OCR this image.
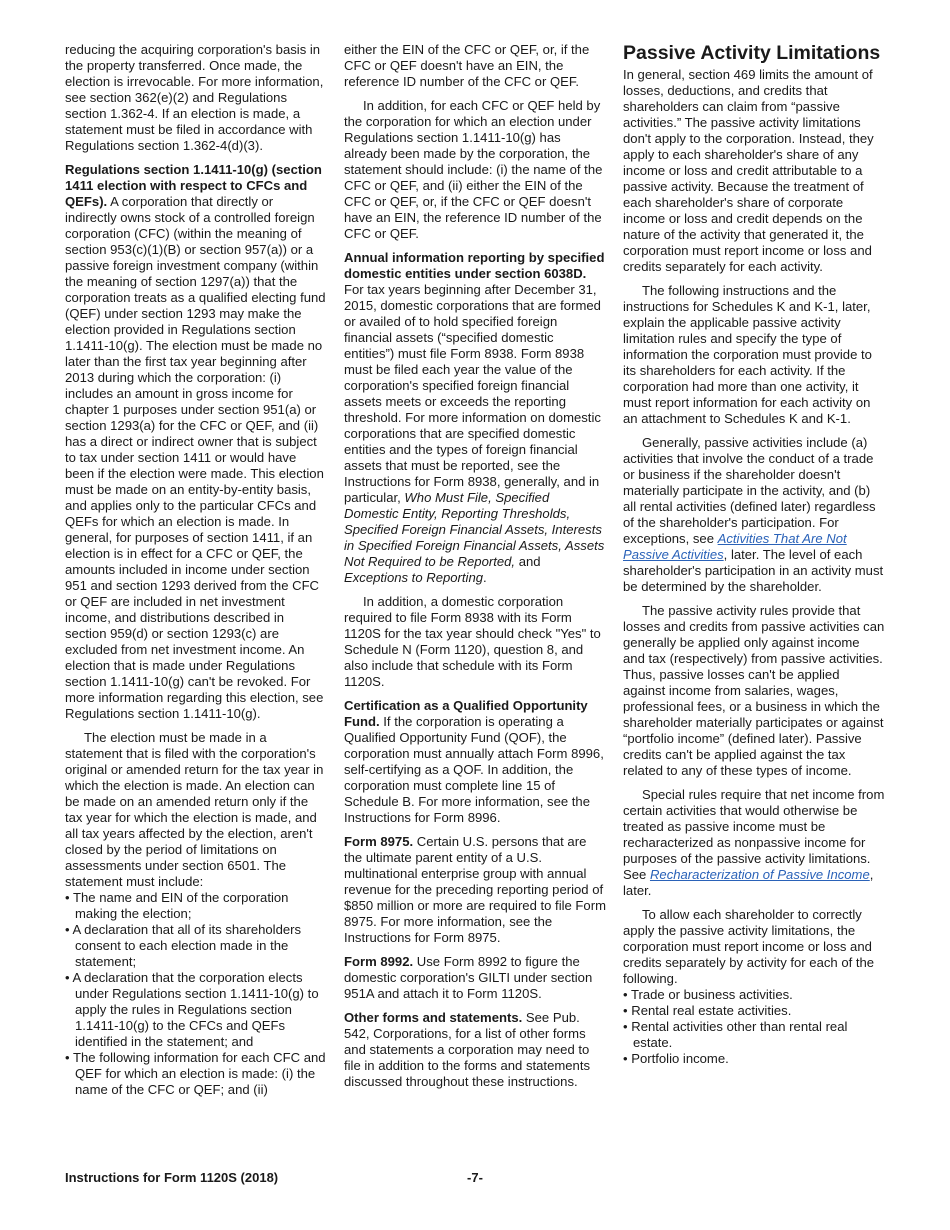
reducing the acquiring corporation's basis in the property transferred. Once made, the election is irrevocable. For more information, see section 362(e)(2) and Regulations section 1.362-4. If an election is made, a statement must be filed in accordance with Regulations section 1.362-4(d)(3).

Regulations section 1.1411-10(g) (section 1411 election with respect to CFCs and QEFs). A corporation that directly or indirectly owns stock of a controlled foreign corporation (CFC) (within the meaning of section 953(c)(1)(B) or section 957(a)) or a passive foreign investment company (within the meaning of section 1297(a)) that the corporation treats as a qualified electing fund (QEF) under section 1293 may make the election provided in Regulations section 1.1411-10(g). The election must be made no later than the first tax year beginning after 2013 during which the corporation: (i) includes an amount in gross income for chapter 1 purposes under section 951(a) or section 1293(a) for the CFC or QEF, and (ii) has a direct or indirect owner that is subject to tax under section 1411 or would have been if the election were made. This election must be made on an entity-by-entity basis, and applies only to the particular CFCs and QEFs for which an election is made. In general, for purposes of section 1411, if an election is in effect for a CFC or QEF, the amounts included in income under section 951 and section 1293 derived from the CFC or QEF are included in net investment income, and distributions described in section 959(d) or section 1293(c) are excluded from net investment income. An election that is made under Regulations section 1.1411-10(g) can't be revoked. For more information regarding this election, see Regulations section 1.1411-10(g).

The election must be made in a statement that is filed with the corporation's original or amended return for the tax year in which the election is made. An election can be made on an amended return only if the tax year for which the election is made, and all tax years affected by the election, aren't closed by the period of limitations on assessments under section 6501. The statement must include:

• The name and EIN of the corporation making the election;
• A declaration that all of its shareholders consent to each election made in the statement;
• A declaration that the corporation elects under Regulations section 1.1411-10(g) to apply the rules in Regulations section 1.1411-10(g) to the CFCs and QEFs identified in the statement; and
• The following information for each CFC and QEF for which an election is made: (i) the name of the CFC or QEF; and (ii)

either the EIN of the CFC or QEF, or, if the CFC or QEF doesn't have an EIN, the reference ID number of the CFC or QEF.

In addition, for each CFC or QEF held by the corporation for which an election under Regulations section 1.1411-10(g) has already been made by the corporation, the statement should include: (i) the name of the CFC or QEF, and (ii) either the EIN of the CFC or QEF, or, if the CFC or QEF doesn't have an EIN, the reference ID number of the CFC or QEF.

Annual information reporting by specified domestic entities under section 6038D. For tax years beginning after December 31, 2015, domestic corporations that are formed or availed of to hold specified foreign financial assets (“specified domestic entities”) must file Form 8938. Form 8938 must be filed each year the value of the corporation's specified foreign financial assets meets or exceeds the reporting threshold. For more information on domestic corporations that are specified domestic entities and the types of foreign financial assets that must be reported, see the Instructions for Form 8938, generally, and in particular, Who Must File, Specified Domestic Entity, Reporting Thresholds, Specified Foreign Financial Assets, Interests in Specified Foreign Financial Assets, Assets Not Required to be Reported, and Exceptions to Reporting.

In addition, a domestic corporation required to file Form 8938 with its Form 1120S for the tax year should check "Yes" to Schedule N (Form 1120), question 8, and also include that schedule with its Form 1120S.

Certification as a Qualified Opportunity Fund. If the corporation is operating a Qualified Opportunity Fund (QOF), the corporation must annually attach Form 8996, self-certifying as a QOF. In addition, the corporation must complete line 15 of Schedule B. For more information, see the Instructions for Form 8996.

Form 8975. Certain U.S. persons that are the ultimate parent entity of a U.S. multinational enterprise group with annual revenue for the preceding reporting period of $850 million or more are required to file Form 8975. For more information, see the Instructions for Form 8975.

Form 8992. Use Form 8992 to figure the domestic corporation's GILTI under section 951A and attach it to Form 1120S.

Other forms and statements. See Pub. 542, Corporations, for a list of other forms and statements a corporation may need to file in addition to the forms and statements discussed throughout these instructions.

Passive Activity Limitations

In general, section 469 limits the amount of losses, deductions, and credits that shareholders can claim from “passive activities.” The passive activity limitations don't apply to the corporation. Instead, they apply to each shareholder's share of any income or loss and credit attributable to a passive activity. Because the treatment of each shareholder's share of corporate income or loss and credit depends on the nature of the activity that generated it, the corporation must report income or loss and credits separately for each activity.

The following instructions and the instructions for Schedules K and K-1, later, explain the applicable passive activity limitation rules and specify the type of information the corporation must provide to its shareholders for each activity. If the corporation had more than one activity, it must report information for each activity on an attachment to Schedules K and K-1.

Generally, passive activities include (a) activities that involve the conduct of a trade or business if the shareholder doesn't materially participate in the activity, and (b) all rental activities (defined later) regardless of the shareholder's participation. For exceptions, see Activities That Are Not Passive Activities, later. The level of each shareholder's participation in an activity must be determined by the shareholder.

The passive activity rules provide that losses and credits from passive activities can generally be applied only against income and tax (respectively) from passive activities. Thus, passive losses can't be applied against income from salaries, wages, professional fees, or a business in which the shareholder materially participates or against “portfolio income” (defined later). Passive credits can't be applied against the tax related to any of these types of income.

Special rules require that net income from certain activities that would otherwise be treated as passive income must be recharacterized as nonpassive income for purposes of the passive activity limitations. See Recharacterization of Passive Income, later.

To allow each shareholder to correctly apply the passive activity limitations, the corporation must report income or loss and credits separately by activity for each of the following.

• Trade or business activities.
• Rental real estate activities.
• Rental activities other than rental real estate.
• Portfolio income.
Instructions for Form 1120S (2018)	-7-
